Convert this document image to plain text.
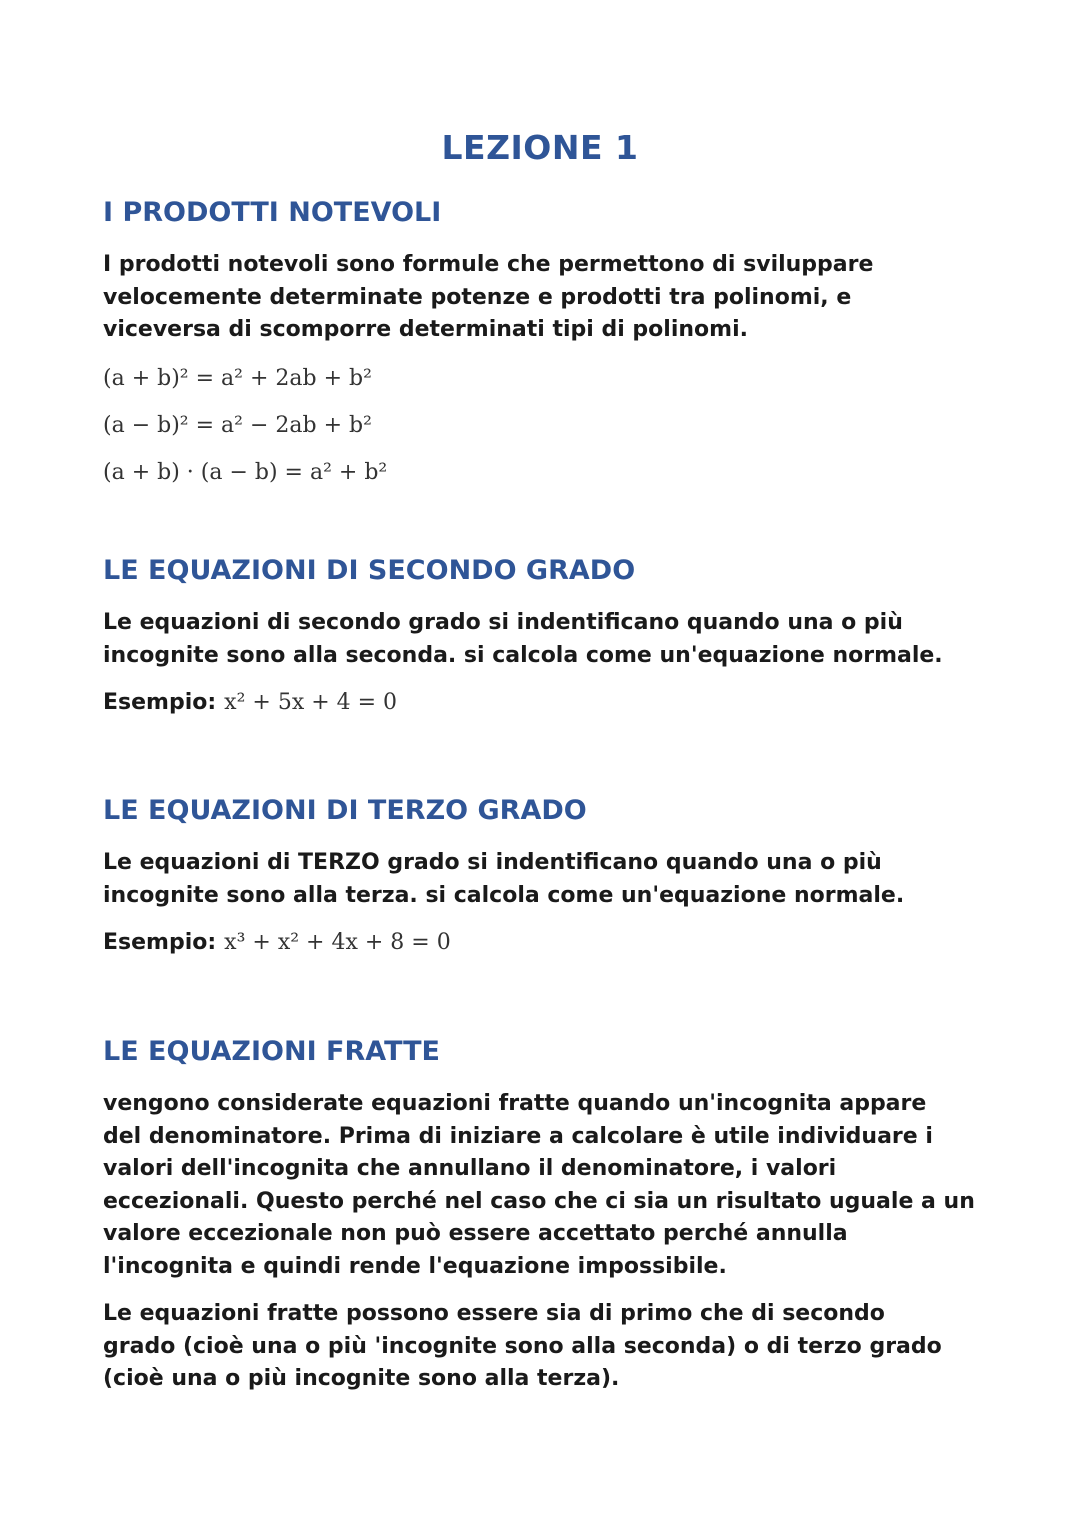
LEZIONE 1
I PRODOTTI NOTEVOLI

I prodotti notevoli sono formule che permettono di sviluppare
velocemente determinate potenze e prodotti tra polinomi, e
viceversa di scomporre determinati tipi di polinomi.

(a + b)² = a² + 2ab + b²

(a − b)² = a² − 2ab + b²

(a + b) · (a − b) = a² + b²

LE EQUAZIONI DI SECONDO GRADO

Le equazioni di secondo grado si indentificano quando una o più
incognite sono alla seconda. si calcola come un'equazione normale.

Esempio: x² + 5x + 4 = 0

LE EQUAZIONI DI TERZO GRADO

Le equazioni di TERZO grado si indentificano quando una o più
incognite sono alla terza. si calcola come un'equazione normale.

Esempio: x³ + x² + 4x + 8 = 0

LE EQUAZIONI FRATTE

vengono considerate equazioni fratte quando un'incognita appare
del denominatore. Prima di iniziare a calcolare è utile individuare i
valori dell'incognita che annullano il denominatore, i valori
eccezionali. Questo perché nel caso che ci sia un risultato uguale a un
valore eccezionale non può essere accettato perché annulla
l'incognita e quindi rende l'equazione impossibile.

Le equazioni fratte possono essere sia di primo che di secondo
grado (cioè una o più 'incognite sono alla seconda) o di terzo grado
(cioè una o più incognite sono alla terza).
